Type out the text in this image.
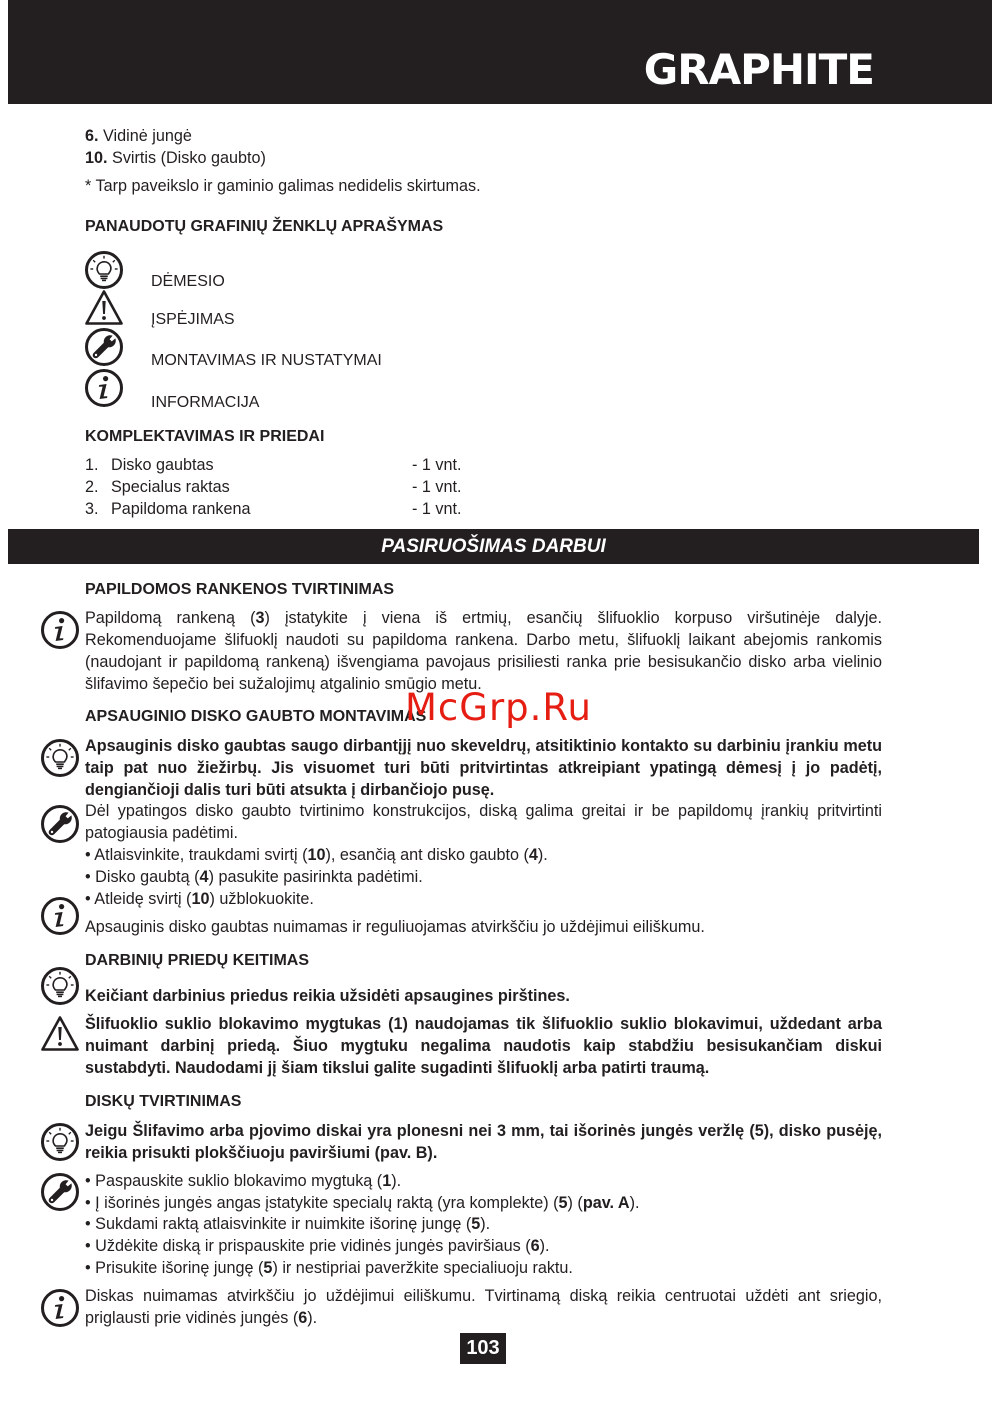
GRAPHITE
6. Vidinė jungė
10. Svirtis (Disko gaubto)
* Tarp paveikslo ir gaminio galimas nedidelis skirtumas.
PANAUDOTŲ GRAFINIŲ ŽENKLŲ APRAŠYMAS
DĖMESIO
ĮSPĖJIMAS
MONTAVIMAS IR NUSTATYMAI
INFORMACIJA
KOMPLEKTAVIMAS IR PRIEDAI
1. Disko gaubtas	- 1 vnt.
2. Specialus raktas	- 1 vnt.
3. Papildoma rankena	- 1 vnt.
PASIRUOŠIMAS DARBUI
PAPILDOMOS RANKENOS TVIRTINIMAS
Papildomą rankeną (3) įstatykite į viena iš ertmių, esančių šlifuoklio korpuso viršutinėje dalyje. Rekomenduojame šlifuoklį naudoti su papildoma rankena. Darbo metu, šlifuoklį laikant abejomis rankomis (naudojant ir papildomą rankeną) išvengiama pavojaus prisiliesti ranka prie besisukančio disko arba vielinio šlifavimo šepečio bei sužalojimų atgalinio smūgio metu.
APSAUGINIO DISKO GAUBTO MONTAVIMAS
Apsauginis disko gaubtas saugo dirbantįjį nuo skeveldrų, atsitiktinio kontakto su darbiniu įrankiu metu taip pat nuo žiežirbų. Jis visuomet turi būti pritvirtintas atkreipiant ypatingą dėmesį į jo padėtį, dengiančioji dalis turi būti atsukta į dirbančiojo pusę.
Dėl ypatingos disko gaubto tvirtinimo konstrukcijos, diską galima greitai ir be papildomų įrankių pritvirtinti patogiausia padėtimi.
• Atlaisvinkite, traukdami svirtį (10), esančią ant disko gaubto (4).
• Disko gaubtą (4) pasukite pasirinkta padėtimi.
• Atleidę svirtį (10) užblokuokite.
Apsauginis disko gaubtas nuimamas ir reguliuojamas atvirkščiu jo uždėjimui eiliškumu.
DARBINIŲ PRIEDŲ KEITIMAS
Keičiant darbinius priedus reikia užsidėti apsaugines pirštines.
Šlifuoklio suklio blokavimo mygtukas (1) naudojamas tik šlifuoklio suklio blokavimui, uždedant arba nuimant darbinį priedą. Šiuo mygtuku negalima naudotis kaip stabdžiu besisukančiam diskui sustabdyti. Naudodami jį šiam tikslui galite sugadinti šlifuoklį arba patirti traumą.
DISKŲ TVIRTINIMAS
Jeigu Šlifavimo arba pjovimo diskai yra plonesni nei 3 mm, tai išorinės jungės veržlę (5), disko pusėję, reikia prisukti plokščiuoju paviršiumi (pav. B).
• Paspauskite suklio blokavimo mygtuką (1).
• Į išorinės jungės angas įstatykite specialų raktą (yra komplekte) (5) (pav. A).
• Sukdami raktą atlaisvinkite ir nuimkite išorinę jungę (5).
• Uždėkite diską ir prispauskite prie vidinės jungės paviršiaus (6).
• Prisukite išorinę jungę (5) ir nestipriai paveržkite specialiuoju raktu.
Diskas nuimamas atvirkščiu jo uždėjimui eiliškumu. Tvirtinamą diską reikia centruotai uždėti ant sriegio, priglausti prie vidinės jungės (6).
McGrp.Ru
103
